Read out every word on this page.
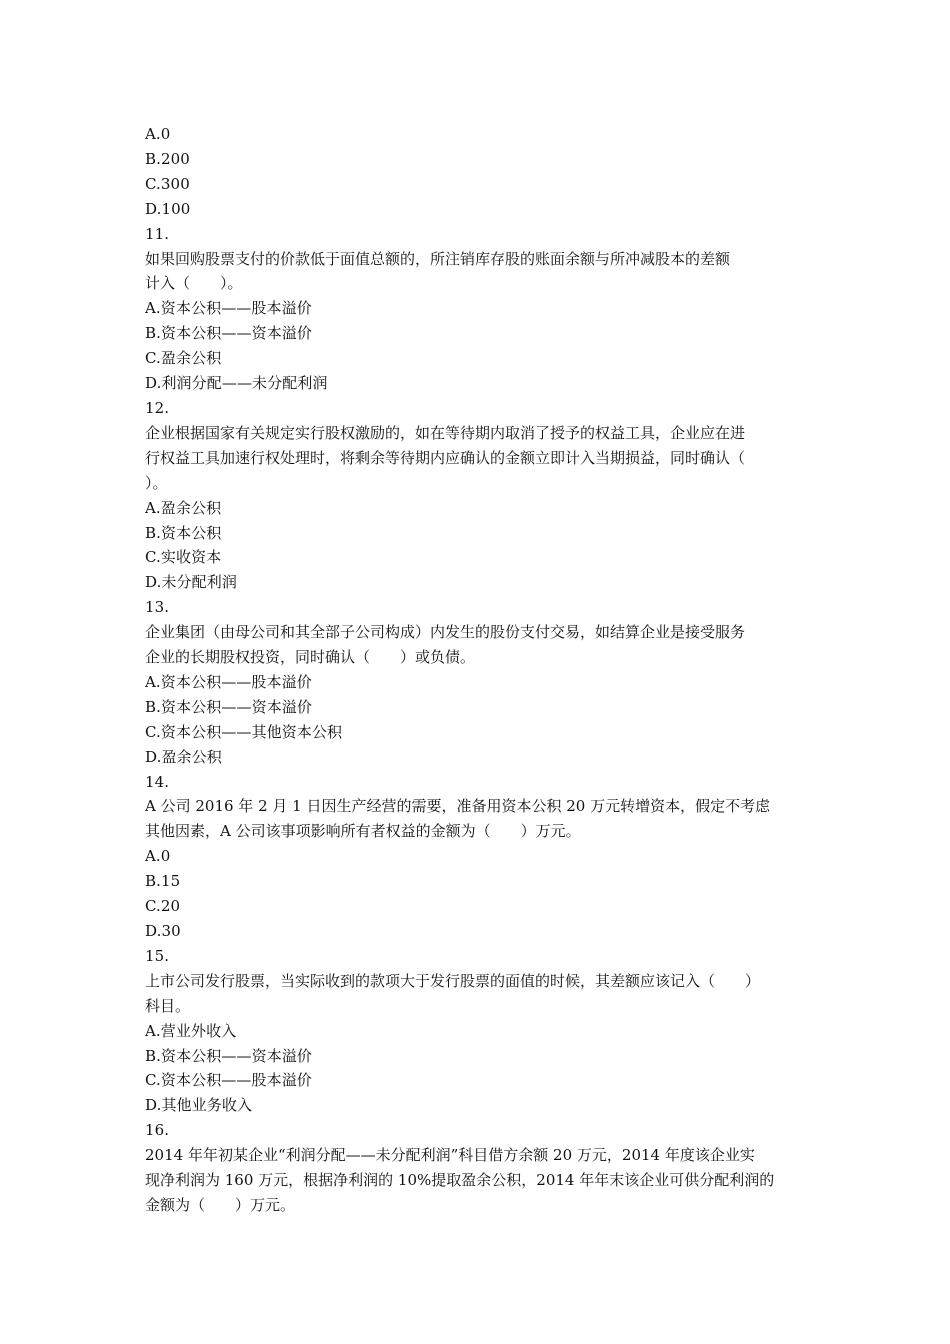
A.0
B.200
C.300
D.100
11.
如果回购股票支付的价款低于面值总额的，所注销库存股的账面余额与所冲减股本的差额
计入（　　）。
A.资本公积——股本溢价
B.资本公积——资本溢价
C.盈余公积
D.利润分配——未分配利润
12.
企业根据国家有关规定实行股权激励的，如在等待期内取消了授予的权益工具，企业应在进
行权益工具加速行权处理时，将剩余等待期内应确认的金额立即计入当期损益，同时确认（
）。
A.盈余公积
B.资本公积
C.实收资本
D.未分配利润
13.
企业集团（由母公司和其全部子公司构成）内发生的股份支付交易，如结算企业是接受服务
企业的长期股权投资，同时确认（　　）或负债。
A.资本公积——股本溢价
B.资本公积——资本溢价
C.资本公积——其他资本公积
D.盈余公积
14.
A 公司 2016 年 2 月 1 日因生产经营的需要，准备用资本公积 20 万元转增资本，假定不考虑
其他因素，A 公司该事项影响所有者权益的金额为（　　）万元。
A.0
B.15
C.20
D.30
15.
上市公司发行股票，当实际收到的款项大于发行股票的面值的时候，其差额应该记入（　　）
科目。
A.营业外收入
B.资本公积——资本溢价
C.资本公积——股本溢价
D.其他业务收入
16.
2014 年年初某企业“利润分配——未分配利润”科目借方余额 20 万元，2014 年度该企业实
现净利润为 160 万元，根据净利润的 10%提取盈余公积，2014 年年末该企业可供分配利润的
金额为（　　）万元。
